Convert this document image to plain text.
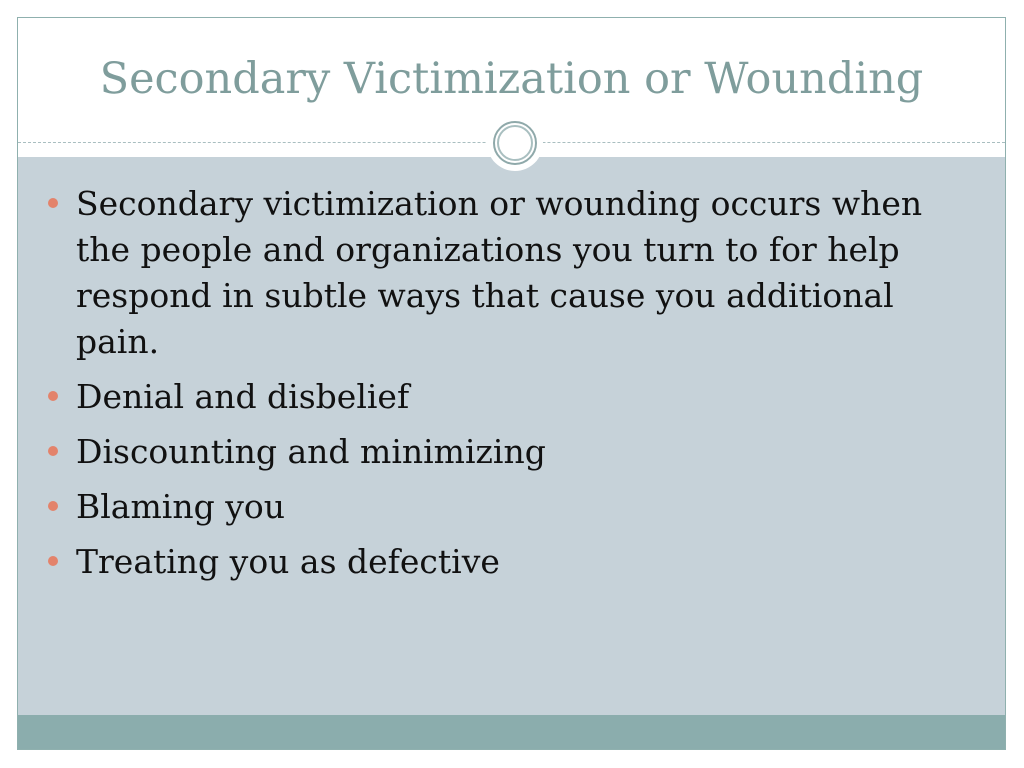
Secondary Victimization or Wounding
Secondary victimization or wounding occurs when the people and organizations you turn to for help respond in subtle ways that cause you additional pain.
Denial and disbelief
Discounting and minimizing
Blaming you
Treating you as defective
